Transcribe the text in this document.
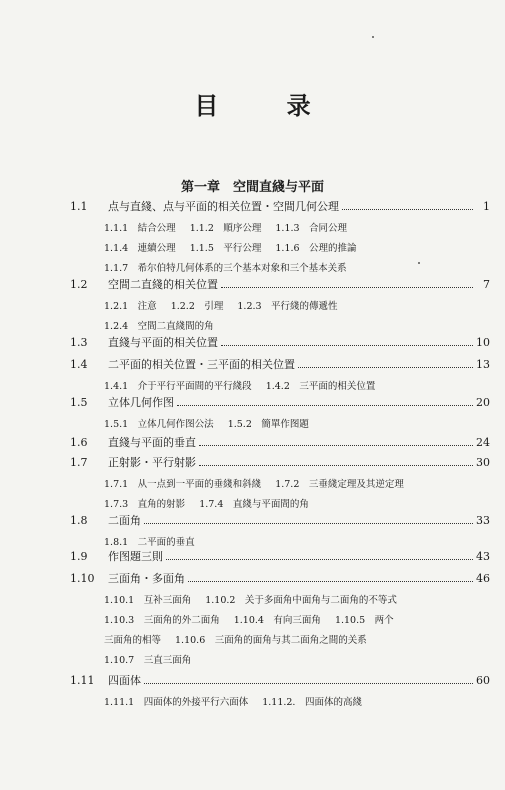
目 录
第一章　空間直綫与平面
1.1	点与直綫、点与平面的相关位置・空間几何公理	1
1.1.1　結合公理 1.1.2　順序公理 1.1.3　合同公理
1.1.4　連續公理 1.1.5　平行公理 1.1.6　公理的推論
1.1.7　希尔伯特几何体系的三个基本对象和三个基本关系
1.2	空間二直綫的相关位置	7
1.2.1　注意 1.2.2　引理 1.2.3　平行綫的傳遞性
1.2.4　空間二直綫間的角
1.3	直綫与平面的相关位置	10
1.4	二平面的相关位置・三平面的相关位置	13
1.4.1　介于平行平面間的平行綫段 1.4.2　三平面的相关位置
1.5	立体几何作图	20
1.5.1　立体几何作图公法 1.5.2　簡單作图題
1.6	直綫与平面的垂直	24
1.7	正射影・平行射影	30
1.7.1　从一点到一平面的垂綫和斜綫 1.7.2　三垂綫定理及其逆定理
1.7.3　直角的射影 1.7.4　直綫与平面間的角
1.8	二面角	33
1.8.1　二平面的垂直
1.9	作图題三則	43
1.10	三面角・多面角	46
1.10.1　互补三面角 1.10.2　关于多面角中面角与二面角的不等式
1.10.3　三面角的外二面角 1.10.4　有向三面角 1.10.5　两个
三面角的相等 1.10.6　三面角的面角与其二面角之間的关系
1.10.7　三直三面角
1.11	四面体	60
1.11.1　四面体的外接平行六面体 1.11.2.　四面体的高綫
